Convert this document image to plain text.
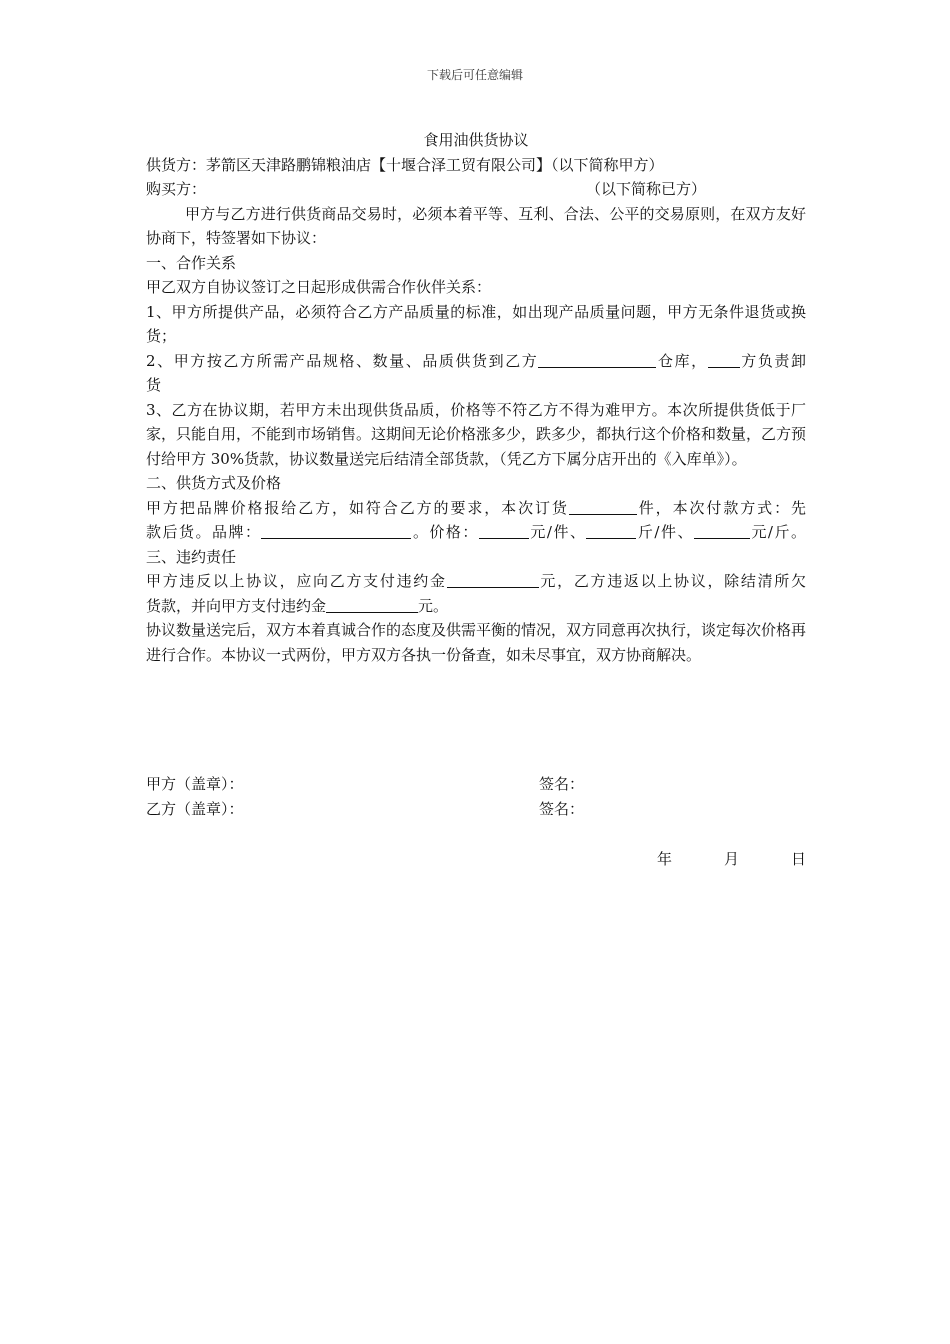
下载后可任意编辑
食用油供货协议
供货方：茅箭区天津路鹏锦粮油店【十堰合泽工贸有限公司】（以下简称甲方）
购买方：	（以下简称已方）
甲方与乙方进行供货商品交易时，必须本着平等、互利、合法、公平的交易原则，在双方友好协商下，特签署如下协议：
一、合作关系
甲乙双方自协议签订之日起形成供需合作伙伴关系：
1、甲方所提供产品，必须符合乙方产品质量的标准，如出现产品质量问题，甲方无条件退货或换货；
2、甲方按乙方所需产品规格、数量、品质供货到乙方	仓库， 方负责卸
货
3、乙方在协议期，若甲方未出现供货品质，价格等不符乙方不得为难甲方。本次所提供货低于厂家，只能自用，不能到市场销售。这期间无论价格涨多少，跌多少，都执行这个价格和数量，乙方预付给甲方 30%货款，协议数量送完后结清全部货款，（凭乙方下属分店开出的《入库单》）。
二、供货方式及价格
甲方把品牌价格报给乙方，如符合乙方的要求，本次订货	件，本次付款方式：先
款后货。品牌：	。价格：	元/件、	斤/件、	元/斤。
三、违约责任
甲方违反以上协议，应向乙方支付违约金	元，乙方违返以上协议，除结清所欠
货款，并向甲方支付违约金	元。
协议数量送完后，双方本着真诚合作的态度及供需平衡的情况，双方同意再次执行，谈定每次价格再进行合作。本协议一式两份，甲方双方各执一份备查，如未尽事宜，双方协商解决。
甲方（盖章）：	签名：
乙方（盖章）：	签名：
年	月	日
